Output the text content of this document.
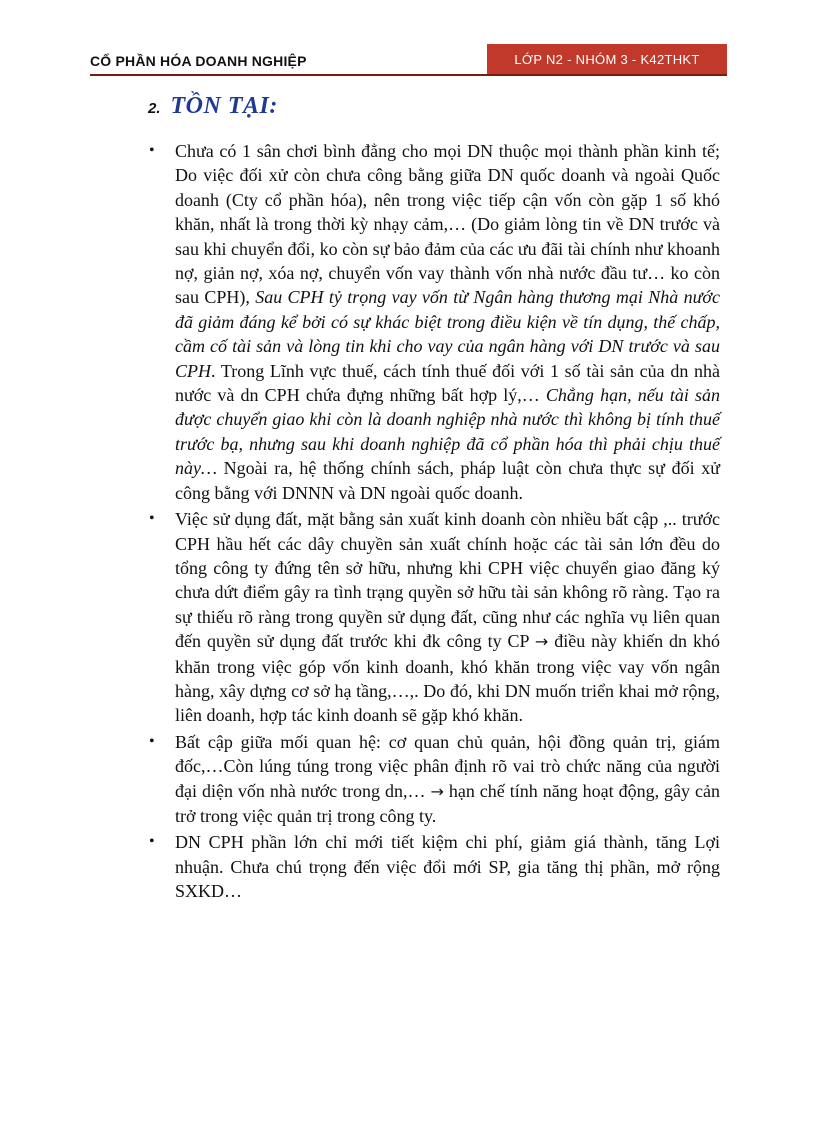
CỔ PHẦN HÓA DOANH NGHIỆP	LỚP N2 - NHÓM 3 - K42THKT
2. TỒN TẠI:
• Chưa có 1 sân chơi bình đẳng cho mọi DN thuộc mọi thành phần kinh tế; Do việc đối xử còn chưa công bằng giữa DN quốc doanh và ngoài Quốc doanh (Cty cổ phần hóa), nên trong việc tiếp cận vốn còn gặp 1 số khó khăn, nhất là trong thời kỳ nhạy cảm,… (Do giảm lòng tin về DN trước và sau khi chuyển đổi, ko còn sự bảo đảm của các ưu đãi tài chính như khoanh nợ, giản nợ, xóa nợ, chuyển vốn vay thành vốn nhà nước đầu tư… ko còn sau CPH), Sau CPH tỷ trọng vay vốn từ Ngân hàng thương mại Nhà nước đã giảm đáng kể bởi có sự khác biệt trong điều kiện về tín dụng, thế chấp, cầm cố tài sản và lòng tin khi cho vay của ngân hàng với DN trước và sau CPH. Trong Lĩnh vực thuế, cách tính thuế đối với 1 số tài sản của dn nhà nước và dn CPH chứa đựng những bất hợp lý,… Chẳng hạn, nếu tài sản được chuyển giao khi còn là doanh nghiệp nhà nước thì không bị tính thuế trước bạ, nhưng sau khi doanh nghiệp đã cổ phần hóa thì phải chịu thuế này… Ngoài ra, hệ thống chính sách, pháp luật còn chưa thực sự đối xử công bằng với DNNN và DN ngoài quốc doanh.
• Việc sử dụng đất, mặt bằng sản xuất kinh doanh còn nhiều bất cập ,.. trước CPH hầu hết các dây chuyền sản xuất chính hoặc các tài sản lớn đều do tổng công ty đứng tên sở hữu, nhưng khi CPH việc chuyển giao đăng ký chưa dứt điểm gây ra tình trạng quyền sở hữu tài sản không rõ ràng. Tạo ra sự thiếu rõ ràng trong quyền sử dụng đất, cũng như các nghĩa vụ liên quan đến quyền sử dụng đất trước khi đk công ty CP → điều này khiến dn khó khăn trong việc góp vốn kinh doanh, khó khăn trong việc vay vốn ngân hàng, xây dựng cơ sở hạ tầng,…,. Do đó, khi DN muốn triển khai mở rộng, liên doanh, hợp tác kinh doanh sẽ gặp khó khăn.
• Bất cập giữa mối quan hệ: cơ quan chủ quản, hội đồng quản trị, giám đốc,…Còn lúng túng trong việc phân định rõ vai trò chức năng của người đại diện vốn nhà nước trong dn,… → hạn chế tính năng hoạt động, gây cản trở trong việc quản trị trong công ty.
• DN CPH phần lớn chỉ mới tiết kiệm chi phí, giảm giá thành, tăng Lợi nhuận. Chưa chú trọng đến việc đổi mới SP, gia tăng thị phần, mở rộng SXKD…
